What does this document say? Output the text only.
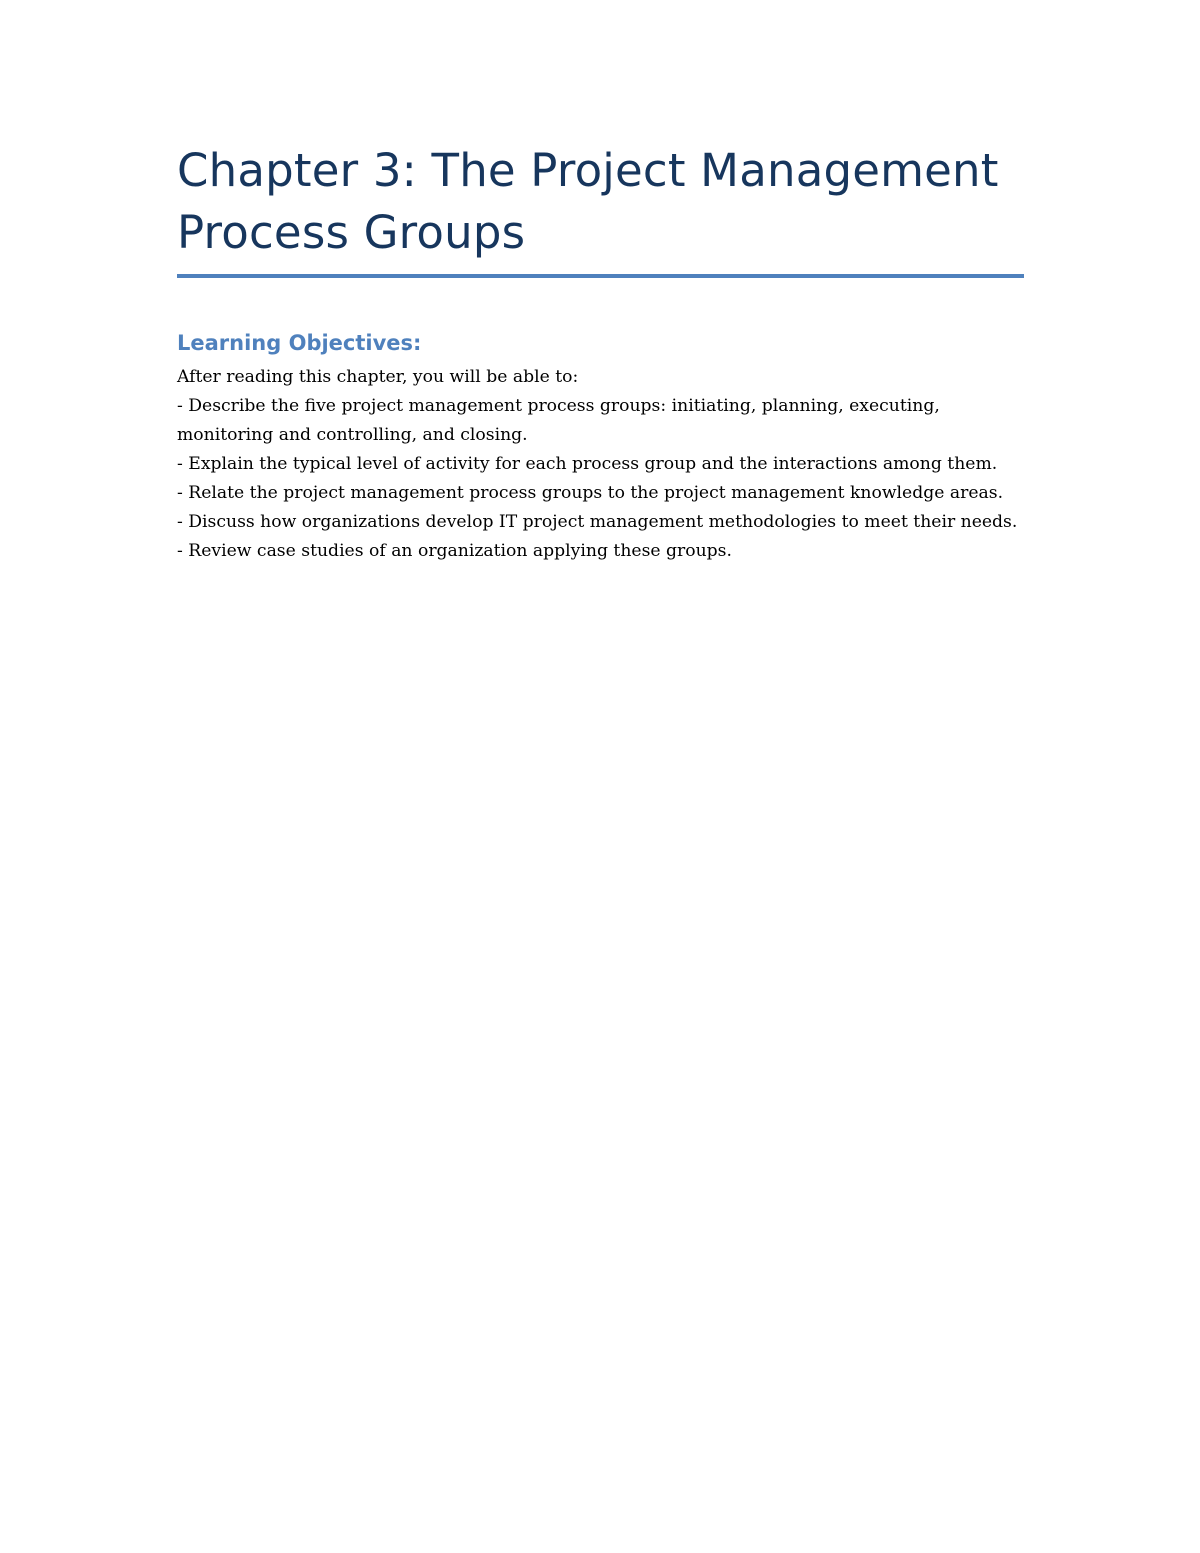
Chapter 3: The Project Management
Process Groups
Learning Objectives:

After reading this chapter, you will be able to:

- Describe the five project management process groups: initiating, planning, executing, monitoring and controlling, and closing.

- Explain the typical level of activity for each process group and the interactions among them.

- Relate the project management process groups to the project management knowledge areas.

- Discuss how organizations develop IT project management methodologies to meet their needs.

- Review case studies of an organization applying these groups.
